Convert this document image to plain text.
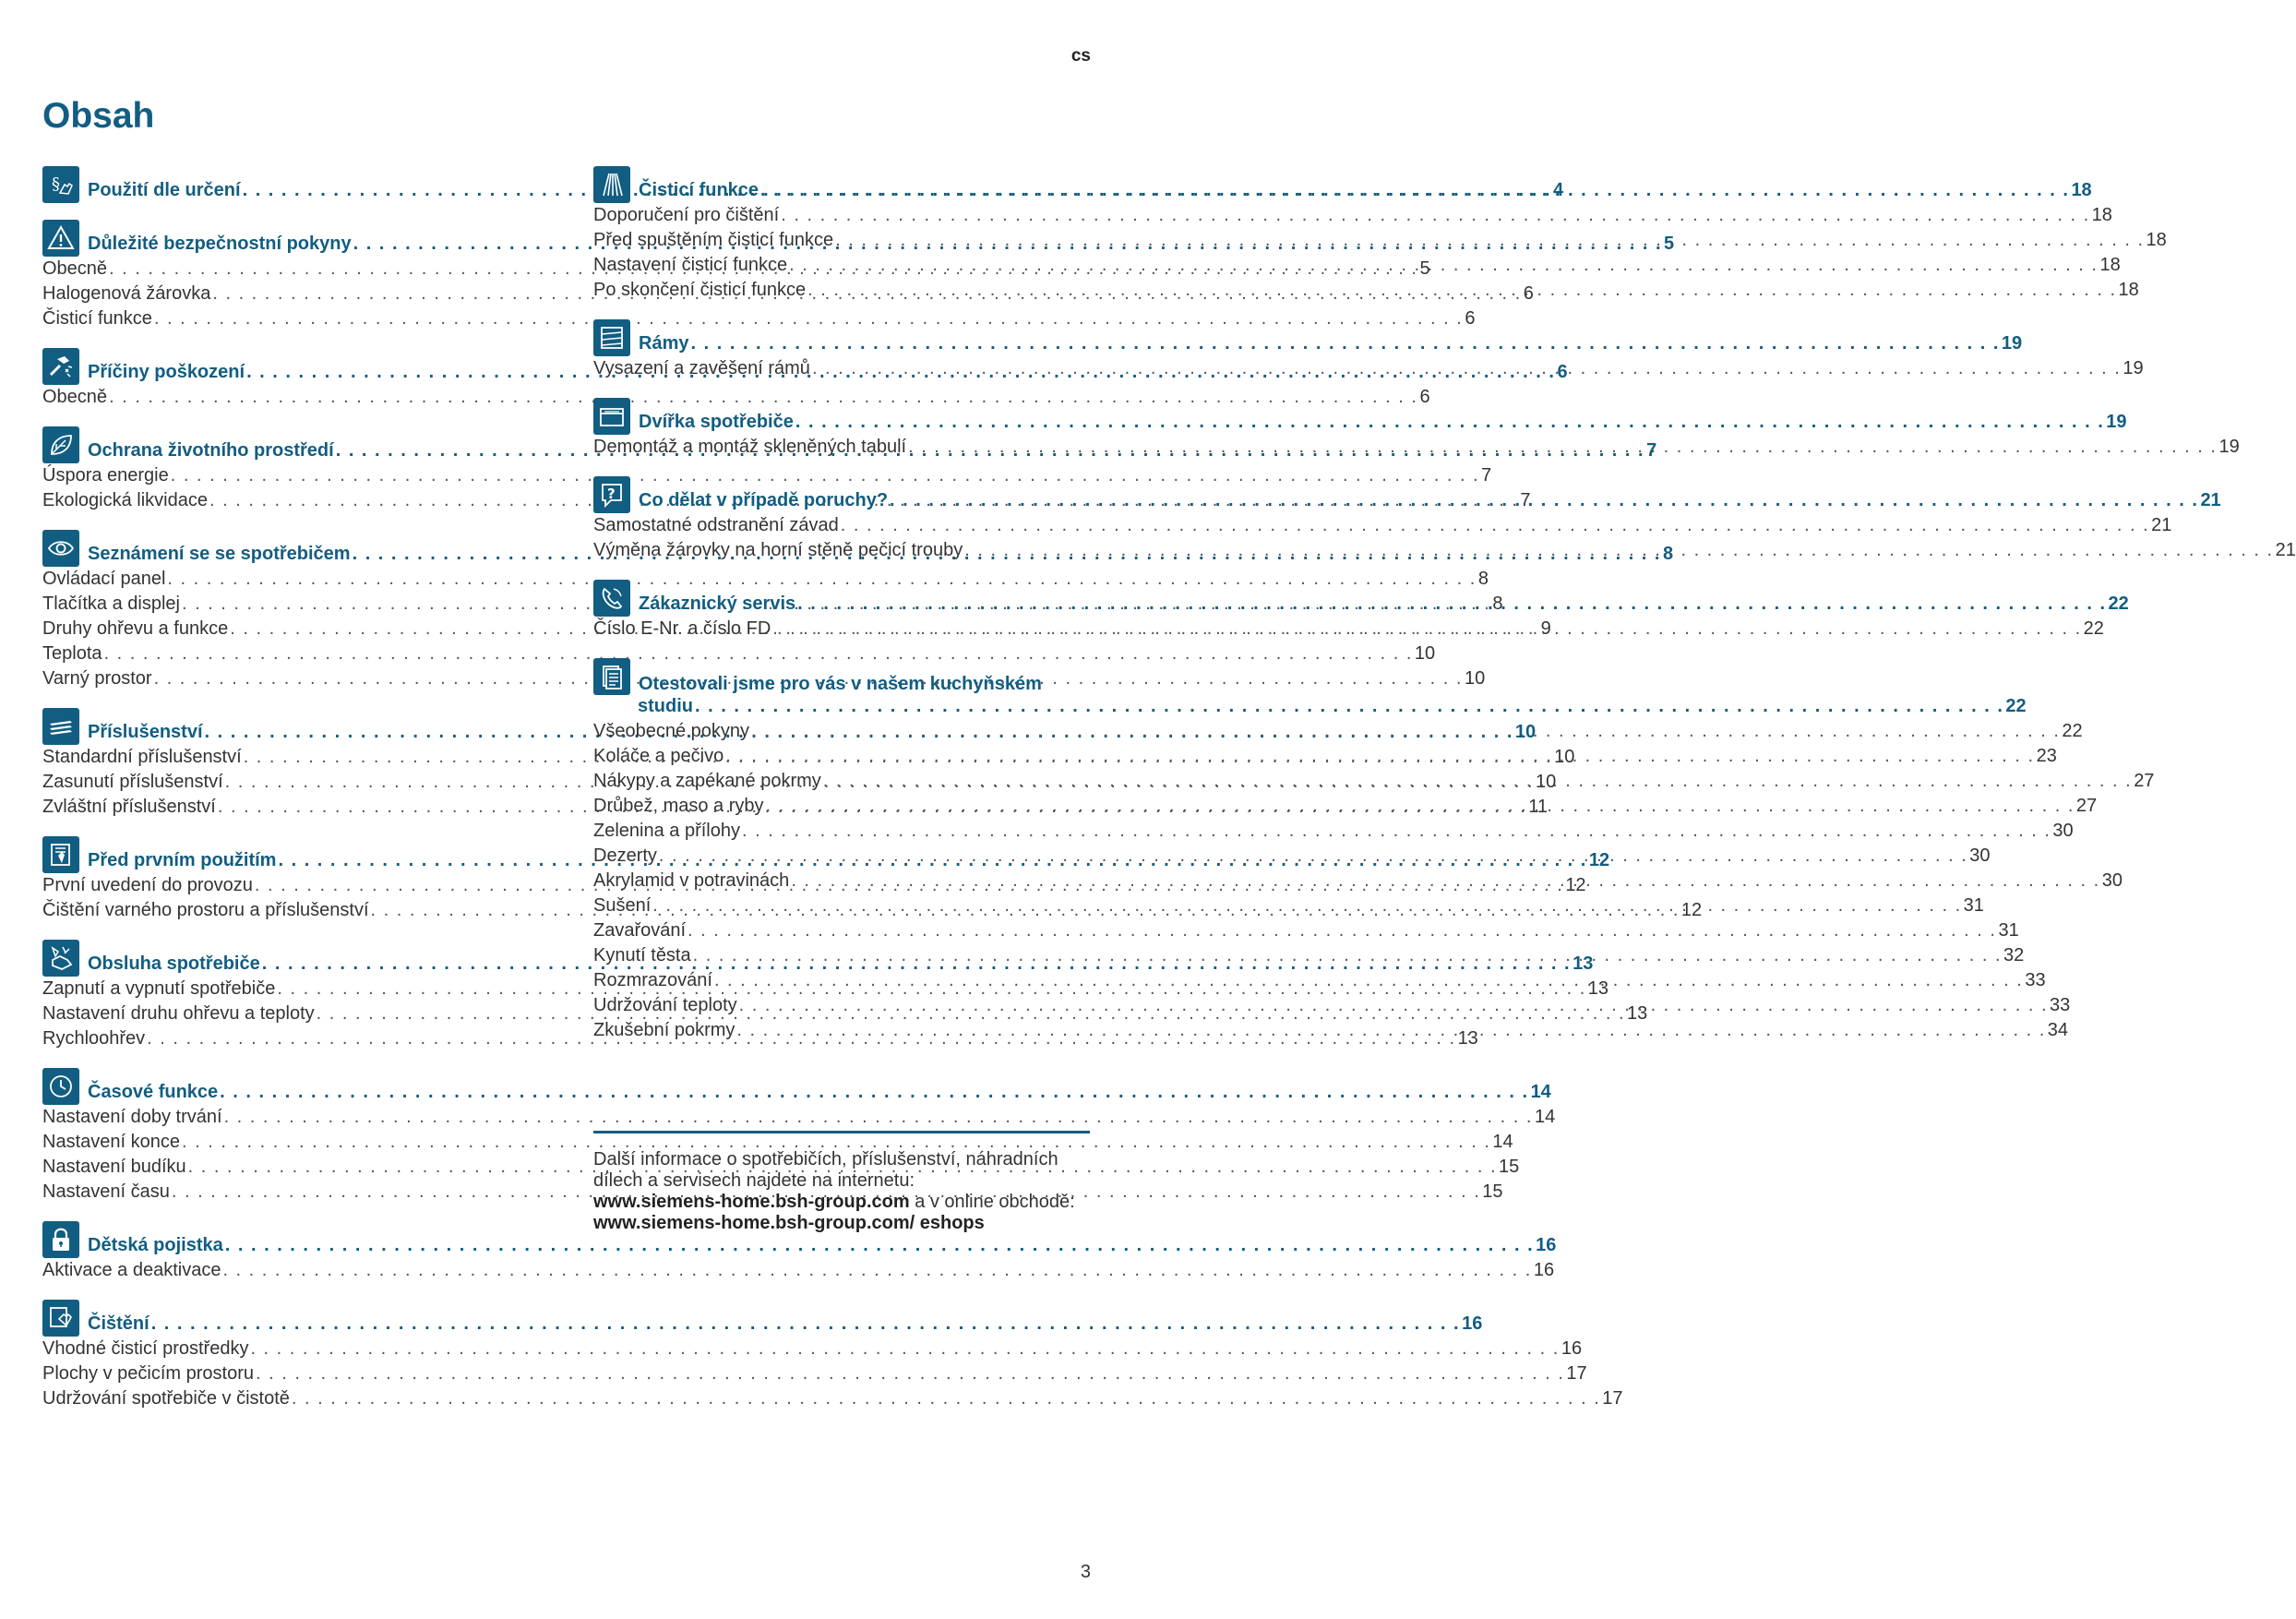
cs
Obsah
§ Použití dle určení . . .	4
Důležité bezpečnostní pokyny . . .	5
Obecně . . .	5
Halogenová žárovka . . .	6
Čisticí funkce . . .	6
Příčiny poškození . . .	6
Obecně . . .	6
Ochrana životního prostředí . . .	7
Úspora energie . . .	7
Ekologická likvidace . . .	7
Seznámení se se spotřebičem . . .	8
Ovládací panel . . .	8
Tlačítka a displej . . .	8
Druhy ohřevu a funkce . . .	9
Teplota . . .	10
Varný prostor . . .	10
Příslušenství . . .	10
Standardní příslušenství . . .	10
Zasunutí příslušenství . . .	10
Zvláštní příslušenství . . .	11
Před prvním použitím . . .	12
První uvedení do provozu . . .	12
Čištění varného prostoru a příslušenství . . .	12
Obsluha spotřebiče . . .	13
Zapnutí a vypnutí spotřebiče . . .	13
Nastavení druhu ohřevu a teploty . . .	13
Rychloohřev . . .	13
Časové funkce . . .	14
Nastavení doby trvání . . .	14
Nastavení konce . . .	14
Nastavení budíku . . .	15
Nastavení času . . .	15
Dětská pojistka . . .	16
Aktivace a deaktivace . . .	16
Čištění . . .	16
Vhodné čisticí prostředky . . .	16
Plochy v pečicím prostoru . . .	17
Udržování spotřebiče v čistotě . . .	17
Čisticí funkce . . .	18
Doporučení pro čištění . . .	18
Před spuštěním čisticí funkce . . .	18
Nastavení čisticí funkce . . .	18
Po skončení čisticí funkce . . .	18
Rámy . . .	19
Vysazení a zavěšení rámů . . .	19
Dvířka spotřebiče . . .	19
Demontáž a montáž skleněných tabulí . . .	19
? Co dělat v případě poruchy? . . .	21
Samostatné odstranění závad . . .	21
Výměna žárovky na horní stěně pečicí trouby . . .	21
Zákaznický servis . . .	22
Číslo E-Nr. a číslo FD . . .	22
Otestovali jsme pro vás v našem kuchyňském
studiu . . .	22
Všeobecné pokyny . . .	22
Koláče a pečivo . . .	23
Nákypy a zapékané pokrmy . . .	27
Drůbež, maso a ryby . . .	27
Zelenina a přílohy . . .	30
Dezerty . . .	30
Akrylamid v potravinách . . .	30
Sušení . . .	31
Zavařování . . .	31
Kynutí těsta . . .	32
Rozmrazování . . .	33
Udržování teploty . . .	33
Zkušební pokrmy . . .	34

Další informace o spotřebičích, příslušenství, náhradních dílech a servisech najdete na internetu:
www.siemens-home.bsh-group.com a v online obchodě: www.siemens-home.bsh-group.com/ eshops

3
